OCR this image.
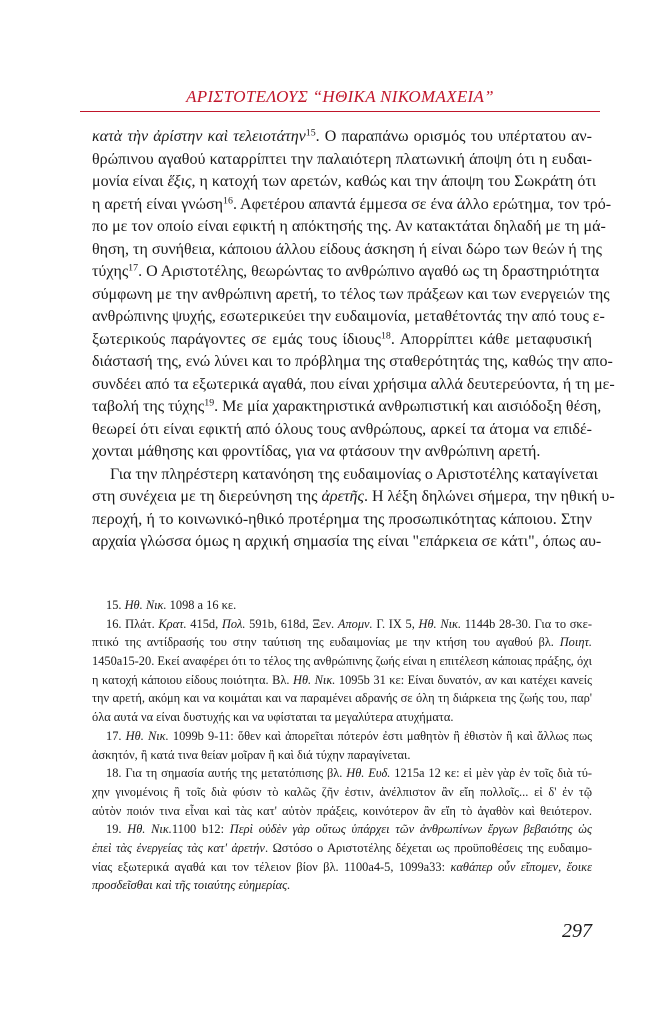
ΑΡΙΣΤΟΤΕΛΟΥΣ “ΗΘΙΚΑ ΝΙΚΟΜΑΧΕΙΑ”
κατὰ τὴν ἀρίστην καὶ τελειοτάτην$^{15}$. Ο παραπάνω ορισμός του υπέρτατου αν-
θρώπινου αγαθού καταρρίπτει την παλαιότερη πλατωνική άποψη ότι η ευδαι-
μονία είναι ἕξις, η κατοχή των αρετών, καθώς και την άποψη του Σωκράτη ότι
η αρετή είναι γνώση$^{16}$. Αφετέρου απαντά έμμεσα σε ένα άλλο ερώτημα, τον τρό-
πο με τον οποίο είναι εφικτή η απόκτησής της. Αν κατακτάται δηλαδή με τη μά-
θηση, τη συνήθεια, κάποιου άλλου είδους άσκηση ή είναι δώρο των θεών ή της
τύχης$^{17}$. Ο Αριστοτέλης, θεωρώντας το ανθρώπινο αγαθό ως τη δραστηριότητα
σύμφωνη με την ανθρώπινη αρετή, το τέλος των πράξεων και των ενεργειών της
ανθρώπινης ψυχής, εσωτερικεύει την ευδαιμονία, μεταθέτοντάς την από τους ε-
ξωτερικούς παράγοντες σε εμάς τους ίδιους$^{18}$. Απορρίπτει κάθε μεταφυσική
διάστασή της, ενώ λύνει και το πρόβλημα της σταθερότητάς της, καθώς την απο-
συνδέει από τα εξωτερικά αγαθά, που είναι χρήσιμα αλλά δευτερεύοντα, ή τη με-
ταβολή της τύχης$^{19}$. Με μία χαρακτηριστικά ανθρωπιστική και αισιόδοξη θέση,
θεωρεί ότι είναι εφικτή από όλους τους ανθρώπους, αρκεί τα άτομα να επιδέ-
χονται μάθησης και φροντίδας, για να φτάσουν την ανθρώπινη αρετή.
Για την πληρέστερη κατανόηση της ευδαιμονίας ο Αριστοτέλης καταγίνεται
στη συνέχεια με τη διερεύνηση της ἀρετῆς. Η λέξη δηλώνει σήμερα, την ηθική υ-
περοχή, ή το κοινωνικό-ηθικό προτέρημα της προσωπικότητας κάποιου. Στην
αρχαία γλώσσα όμως η αρχική σημασία της είναι "επάρκεια σε κάτι", όπως αυ-
15. Ηθ. Νικ. 1098 a 16 κε.
16. Πλάτ. Κρατ. 415d, Πολ. 591b, 618d, Ξεν. Απομν. Γ. IX 5, Ηθ. Νικ. 1144b 28-30. Για το σκε-
πτικό της αντίδρασής του στην ταύτιση της ευδαιμονίας με την κτήση του αγαθού βλ. Ποιητ.
1450a15-20. Εκεί αναφέρει ότι το τέλος της ανθρώπινης ζωής είναι η επιτέλεση κάποιας πράξης, όχι
η κατοχή κάποιου είδους ποιότητα. Βλ. Ηθ. Νικ. 1095b 31 κε: Είναι δυνατόν, αν και κατέχει κανείς
την αρετή, ακόμη και να κοιμάται και να παραμένει αδρανής σε όλη τη διάρκεια της ζωής του, παρ'
όλα αυτά να είναι δυστυχής και να υφίσταται τα μεγαλύτερα ατυχήματα.
17. Ηθ. Νικ. 1099b 9-11: ὅθεν καὶ ἀπορεῖται πότερόν ἐστι μαθητὸν ἢ ἐθιστὸν ἢ καὶ ἄλλως πως
ἀσκητόν, ἢ κατά τινα θείαν μοῖραν ἢ καὶ διά τύχην παραγίνεται.
18. Για τη σημασία αυτής της μετατόπισης βλ. Ηθ. Ευδ. 1215a 12 κε: εἰ μὲν γὰρ ἐν τοῖς διὰ τύ-
χην γινομένοις ἢ τοῖς διὰ φύσιν τὸ καλῶς ζῆν ἐστιν, ἀνέλπιστον ἂν εἴη πολλοῖς... εἰ δ' ἐν τῷ
αὐτὸν ποιόν τινα εἶναι καὶ τὰς κατ' αὐτὸν πράξεις, κοινότερον ἂν εἴη τὸ ἀγαθὸν καὶ θειότερον.
19. Ηθ. Νικ.1100 b12: Περὶ οὐδὲν γὰρ οὕτως ὑπάρχει τῶν ἀνθρωπίνων ἔργων βεβαιότης ὡς
ἐπεὶ τὰς ἐνεργείας τὰς κατ' ἀρετήν. Ωστόσο ο Αριστοτέλης δέχεται ως προϋποθέσεις της ευδαιμο-
νίας εξωτερικά αγαθά και τον τέλειον βίον βλ. 1100a4-5, 1099a33: καθάπερ οὖν εἴπομεν, ἔοικε
προσδεῖσθαι καὶ τῆς τοιαύτης εὐημερίας.
297
